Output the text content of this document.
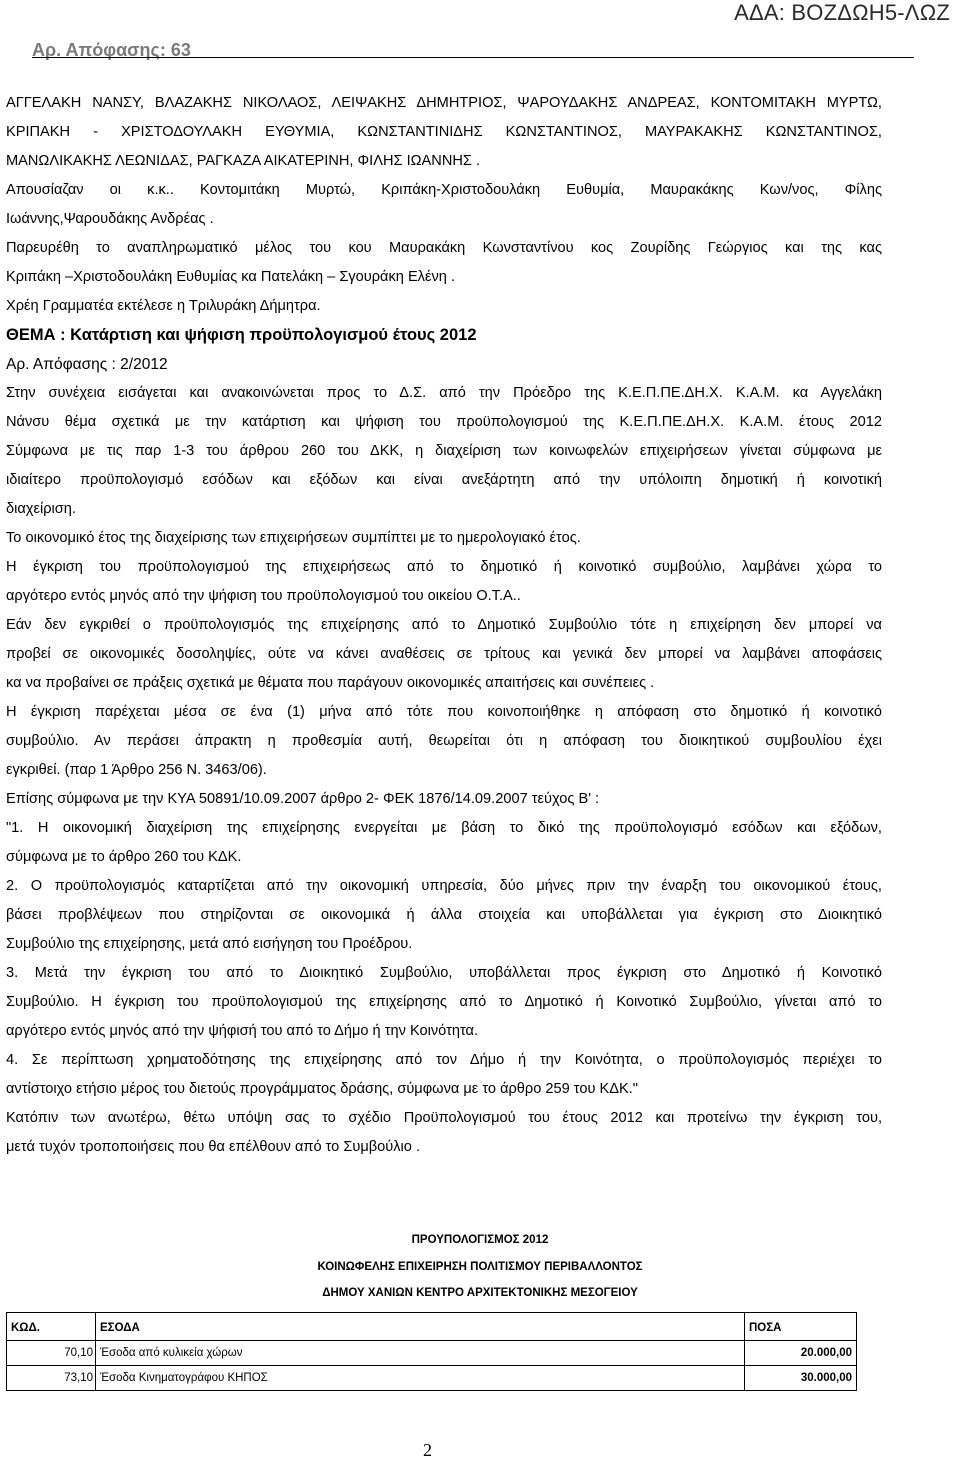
ΑΔΑ: ΒΟΖΔΩΗ5-ΛΩΖ
Αρ. Απόφασης: 63
ΑΓΓΕΛΑΚΗ ΝΑΝΣΥ, ΒΛΑΖΑΚΗΣ ΝΙΚΟΛΑΟΣ, ΛΕΙΨΑΚΗΣ ΔΗΜΗΤΡΙΟΣ, ΨΑΡΟΥΔΑΚΗΣ ΑΝΔΡΕΑΣ, ΚΟΝΤΟΜΙΤΑΚΗ ΜΥΡΤΩ,
ΚΡΙΠΑΚΗ - ΧΡΙΣΤΟΔΟΥΛΑΚΗ ΕΥΘΥΜΙΑ, ΚΩΝΣΤΑΝΤΙΝΙΔΗΣ ΚΩΝΣΤΑΝΤΙΝΟΣ, ΜΑΥΡΑΚΑΚΗΣ ΚΩΝΣΤΑΝΤΙΝΟΣ,
ΜΑΝΩΛΙΚΑΚΗΣ ΛΕΩΝΙΔΑΣ, ΡΑΓΚΑΖΑ ΑΙΚΑΤΕΡΙΝΗ, ΦΙΛΗΣ ΙΩΑΝΝΗΣ .
Απουσίαζαν οι κ.κ.. Κοντομιτάκη Μυρτώ, Κριπάκη-Χριστοδουλάκη Ευθυμία, Μαυρακάκης Κων/νος, Φίλης
Ιωάννης,Ψαρουδάκης Ανδρέας .
Παρευρέθη το αναπληρωματικό μέλος του κου Μαυρακάκη Κωνσταντίνου κος Ζουρίδης Γεώργιος και της κας
Κριπάκη –Χριστοδουλάκη Ευθυμίας κα Πατελάκη – Σγουράκη Ελένη .
Χρέη Γραμματέα εκτέλεσε η Τριλυράκη Δήμητρα.
ΘΕΜΑ : Κατάρτιση και ψήφιση προϋπολογισμού έτους 2012
Αρ. Απόφασης : 2/2012
Στην συνέχεια εισάγεται και ανακοινώνεται προς το Δ.Σ. από την Πρόεδρο της Κ.Ε.Π.ΠΕ.ΔΗ.Χ. Κ.Α.Μ. κα Αγγελάκη
Νάνσυ θέμα σχετικά με την κατάρτιση και ψήφιση του προϋπολογισμού της Κ.Ε.Π.ΠΕ.ΔΗ.Χ. Κ.Α.Μ. έτους 2012
Σύμφωνα με τις παρ 1-3 του άρθρου 260 του ΔΚΚ, η διαχείριση των κοινωφελών επιχειρήσεων γίνεται σύμφωνα με
ιδιαίτερο προϋπολογισμό εσόδων και εξόδων και είναι ανεξάρτητη από την υπόλοιπη δημοτική ή κοινοτική
διαχείριση.
Το οικονομικό έτος της διαχείρισης των επιχειρήσεων συμπίπτει με το ημερολογιακό έτος.
Η έγκριση του προϋπολογισμού της επιχειρήσεως από το δημοτικό ή κοινοτικό συμβούλιο, λαμβάνει χώρα το
αργότερο εντός μηνός από την ψήφιση του προϋπολογισμού του οικείου Ο.Τ.Α..
Εάν δεν εγκριθεί ο προϋπολογισμός της επιχείρησης από το Δημοτικό Συμβούλιο τότε η επιχείρηση δεν μπορεί να
προβεί σε οικονομικές δοσοληψίες, ούτε να κάνει αναθέσεις σε τρίτους και γενικά δεν μπορεί να λαμβάνει αποφάσεις
κα να προβαίνει σε πράξεις σχετικά με θέματα που παράγουν οικονομικές απαιτήσεις και συνέπειες .
Η έγκριση παρέχεται μέσα σε ένα (1) μήνα από τότε που κοινοποιήθηκε η απόφαση στο δημοτικό ή κοινοτικό
συμβούλιο. Αν περάσει άπρακτη η προθεσμία αυτή, θεωρείται ότι η απόφαση του διοικητικού συμβουλίου έχει
εγκριθεί. (παρ 1 Άρθρο 256 Ν. 3463/06).
Επίσης σύμφωνα με την ΚΥΑ 50891/10.09.2007 άρθρο 2- ΦΕΚ 1876/14.09.2007 τεύχος Β' :
"1. Η οικονομική διαχείριση της επιχείρησης ενεργείται με βάση το δικό της προϋπολογισμό εσόδων και εξόδων,
σύμφωνα με το άρθρο 260 του ΚΔΚ.
2. Ο προϋπολογισμός καταρτίζεται από την οικονομική υπηρεσία, δύο μήνες πριν την έναρξη του οικονομικού έτους,
βάσει προβλέψεων που στηρίζονται σε οικονομικά ή άλλα στοιχεία και υποβάλλεται για έγκριση στο Διοικητικό
Συμβούλιο της επιχείρησης, μετά από εισήγηση του Προέδρου.
3. Μετά την έγκριση του από το Διοικητικό Συμβούλιο, υποβάλλεται προς έγκριση στο Δημοτικό ή Κοινοτικό
Συμβούλιο. Η έγκριση του προϋπολογισμού της επιχείρησης από το Δημοτικό ή Κοινοτικό Συμβούλιο, γίνεται από το
αργότερο εντός μηνός από την ψήφισή του από το Δήμο ή την Κοινότητα.
4. Σε περίπτωση χρηματοδότησης της επιχείρησης από τον Δήμο ή την Κοινότητα, ο προϋπολογισμός περιέχει το
αντίστοιχο ετήσιο μέρος του διετούς προγράμματος δράσης, σύμφωνα με το άρθρο 259 του ΚΔΚ."
Κατόπιν των ανωτέρω, θέτω υπόψη σας το σχέδιο Προϋπολογισμού του έτους 2012 και προτείνω την έγκριση του,
μετά τυχόν τροποποιήσεις που θα επέλθουν από το Συμβούλιο .
ΠΡΟΥΠΟΛΟΓΙΣΜΟΣ 2012
ΚΟΙΝΩΦΕΛΗΣ ΕΠΙΧΕΙΡΗΣΗ ΠΟΛΙΤΙΣΜΟΥ ΠΕΡΙΒΑΛΛΟΝΤΟΣ
ΔΗΜΟΥ ΧΑΝΙΩΝ ΚΕΝΤΡΟ ΑΡΧΙΤΕΚΤΟΝΙΚΗΣ ΜΕΣΟΓΕΙΟΥ
ΚΩΔ.	ΕΣΟΔΑ	ΠΟΣΑ
70,10	Έσοδα από κυλικεία χώρων	20.000,00
73,10	Έσοδα Κινηματογράφου ΚΗΠΟΣ	30.000,00
2
